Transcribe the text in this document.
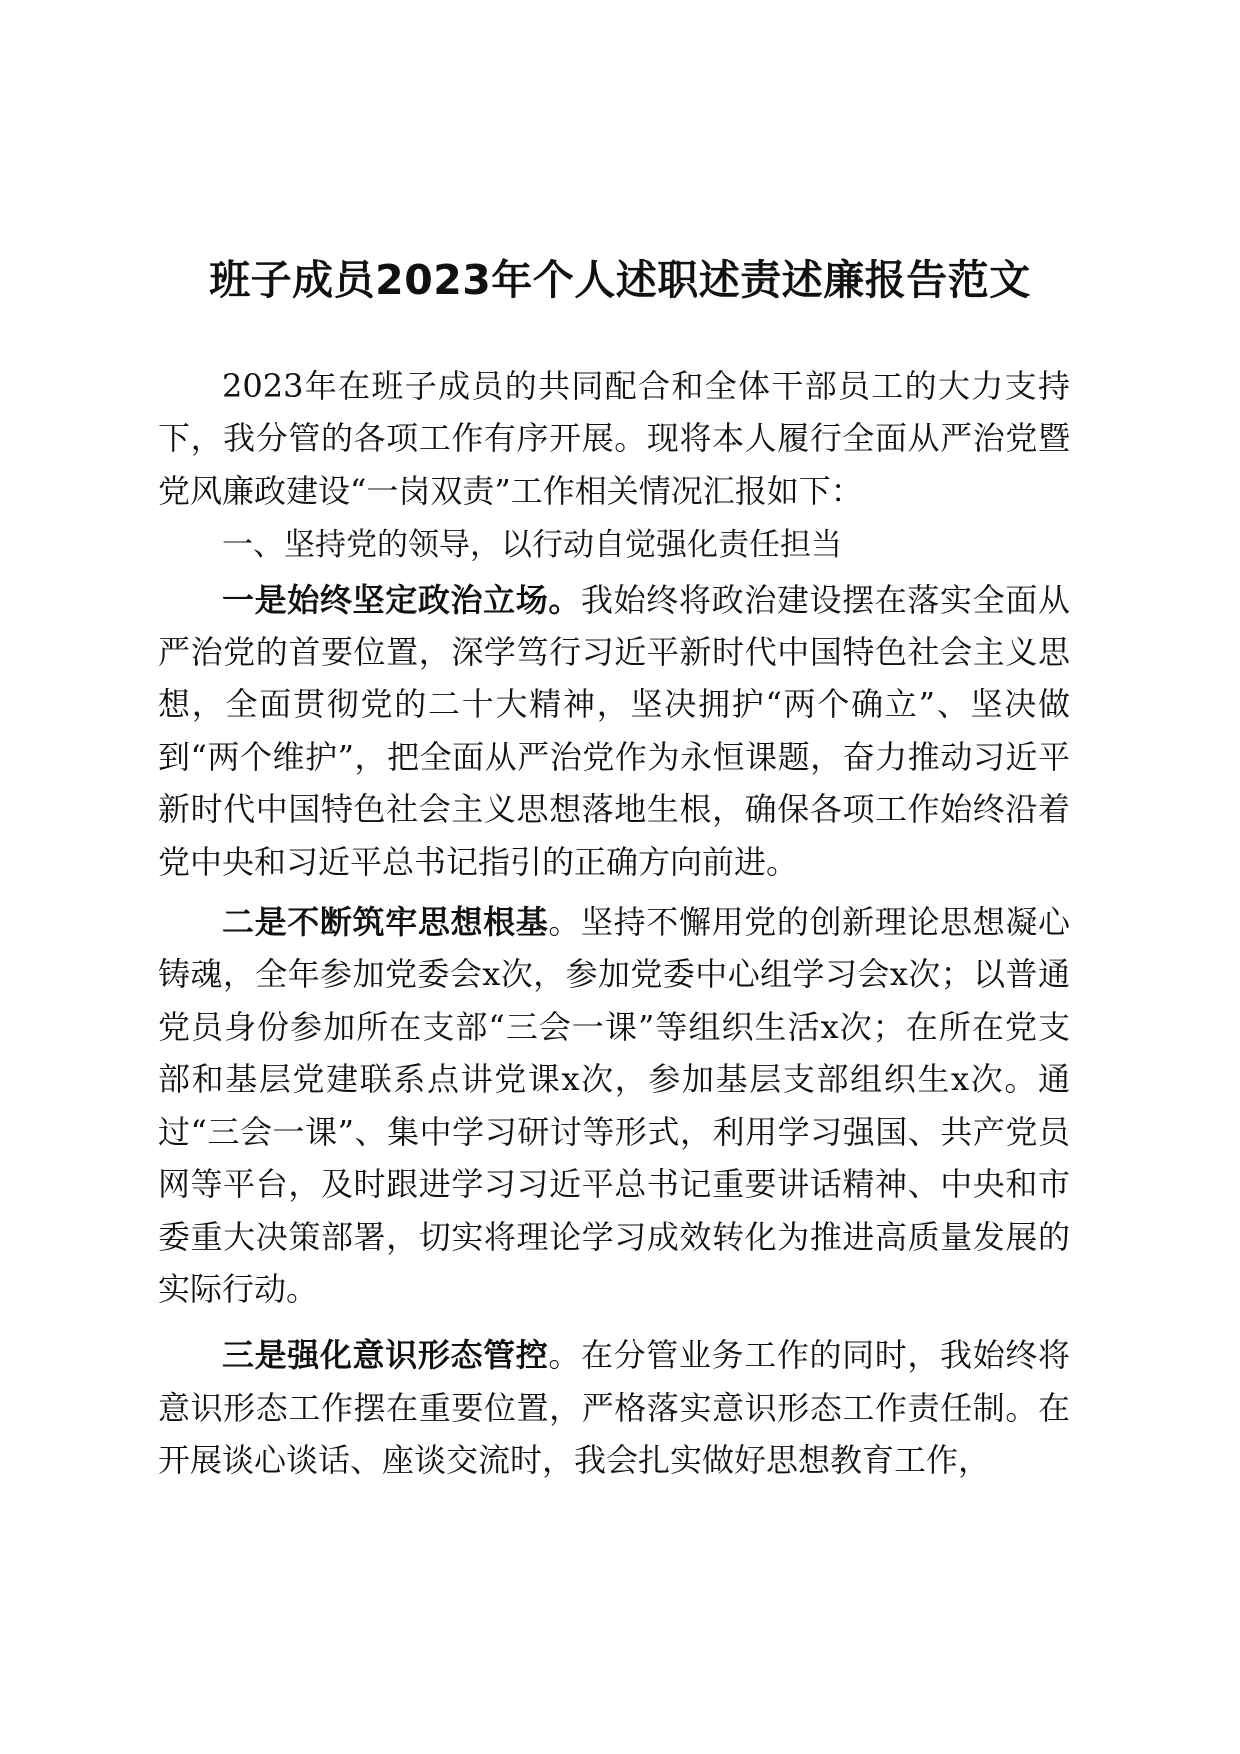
班子成员2023年个人述职述责述廉报告范文

2023年在班子成员的共同配合和全体干部员工的大力支持下，我分管的各项工作有序开展。现将本人履行全面从严治党暨党风廉政建设“一岗双责”工作相关情况汇报如下：

一、坚持党的领导，以行动自觉强化责任担当

一是始终坚定政治立场。我始终将政治建设摆在落实全面从严治党的首要位置，深学笃行习近平新时代中国特色社会主义思想，全面贯彻党的二十大精神，坚决拥护“两个确立”、坚决做到“两个维护”，把全面从严治党作为永恒课题，奋力推动习近平新时代中国特色社会主义思想落地生根，确保各项工作始终沿着党中央和习近平总书记指引的正确方向前进。

二是不断筑牢思想根基。坚持不懈用党的创新理论思想凝心铸魂，全年参加党委会x次，参加党委中心组学习会x次；以普通党员身份参加所在支部“三会一课”等组织生活x次；在所在党支部和基层党建联系点讲党课x次，参加基层支部组织生x次。通过“三会一课”、集中学习研讨等形式，利用学习强国、共产党员网等平台，及时跟进学习习近平总书记重要讲话精神、中央和市委重大决策部署，切实将理论学习成效转化为推进高质量发展的实际行动。

三是强化意识形态管控。在分管业务工作的同时，我始终将意识形态工作摆在重要位置，严格落实意识形态工作责任制。在开展谈心谈话、座谈交流时，我会扎实做好思想教育工作，
